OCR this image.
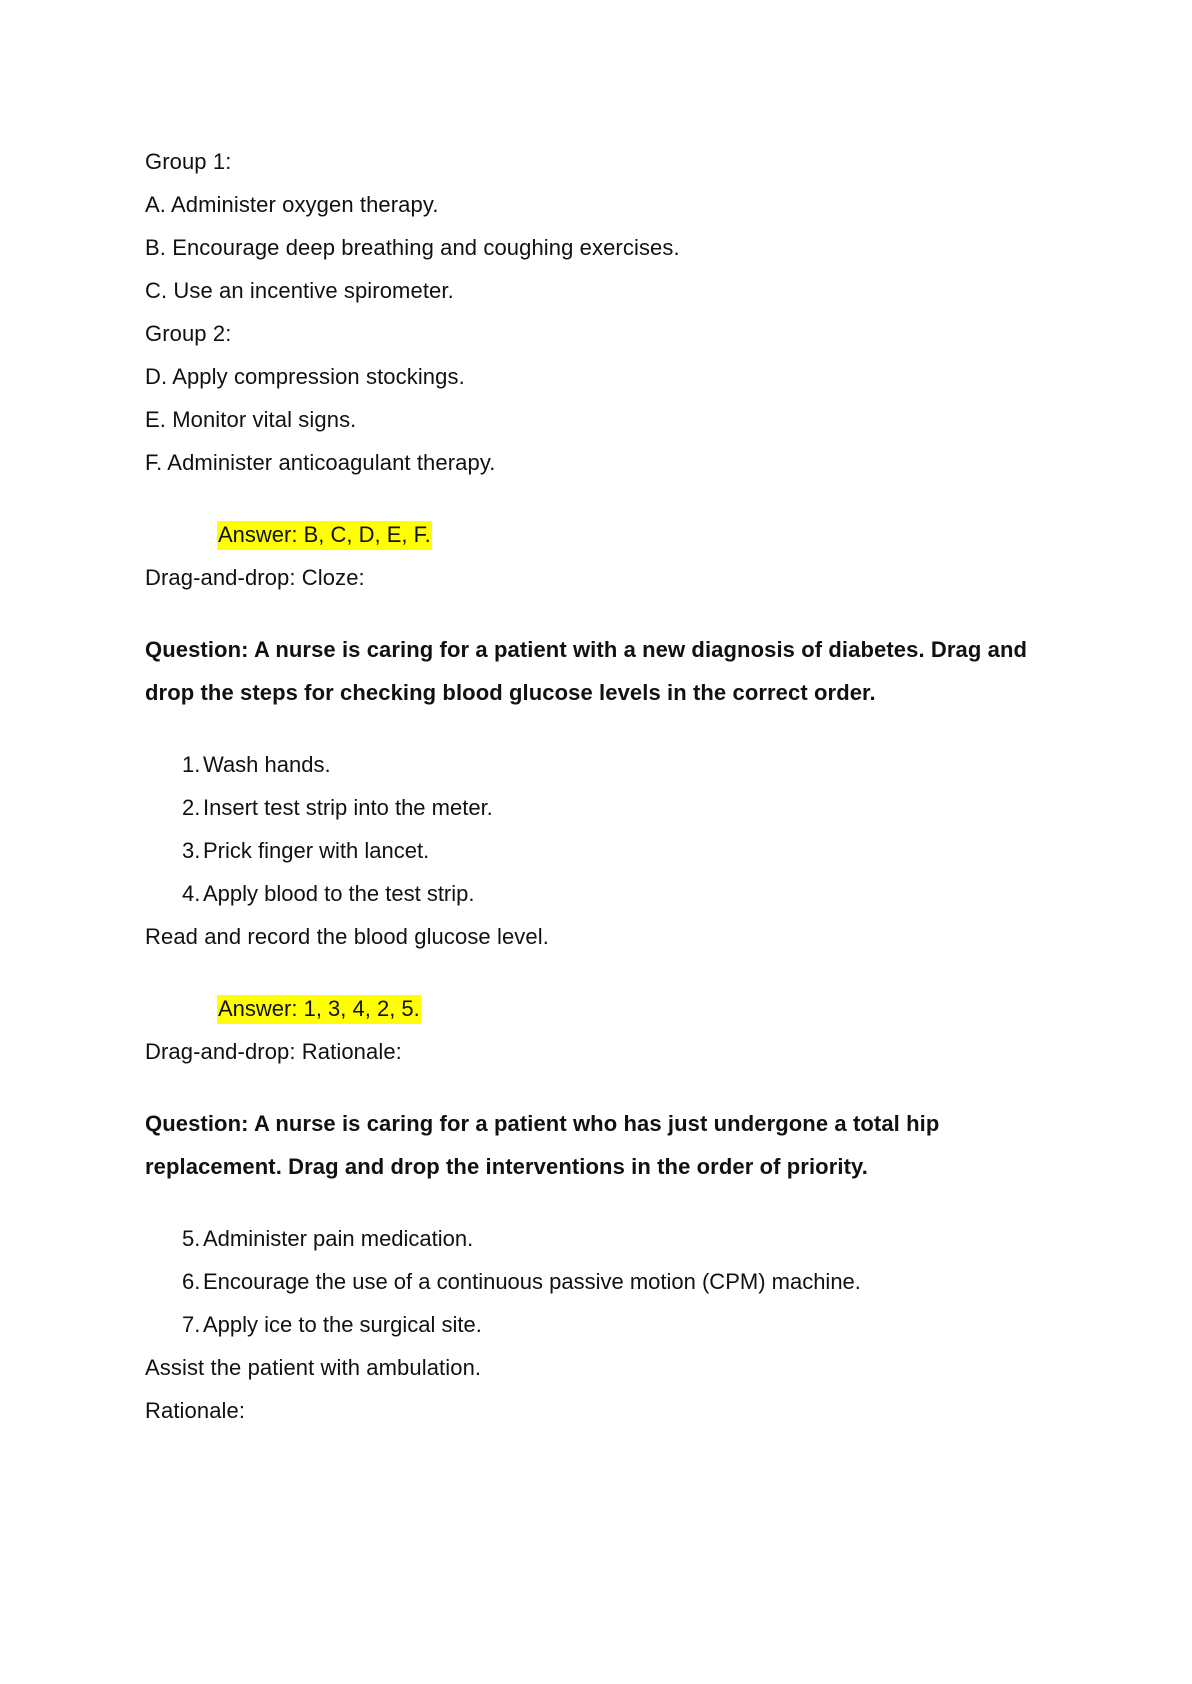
Group 1:
A. Administer oxygen therapy.
B. Encourage deep breathing and coughing exercises.
C. Use an incentive spirometer.
Group 2:
D. Apply compression stockings.
E. Monitor vital signs.
F. Administer anticoagulant therapy.
Answer: B, C, D, E, F.
Drag-and-drop: Cloze:
Question: A nurse is caring for a patient with a new diagnosis of diabetes. Drag and
drop the steps for checking blood glucose levels in the correct order.
1. Wash hands.
2. Insert test strip into the meter.
3. Prick finger with lancet.
4. Apply blood to the test strip.
Read and record the blood glucose level.
Answer: 1, 3, 4, 2, 5.
Drag-and-drop: Rationale:
Question: A nurse is caring for a patient who has just undergone a total hip
replacement. Drag and drop the interventions in the order of priority.
5. Administer pain medication.
6. Encourage the use of a continuous passive motion (CPM) machine.
7. Apply ice to the surgical site.
Assist the patient with ambulation.
Rationale:
